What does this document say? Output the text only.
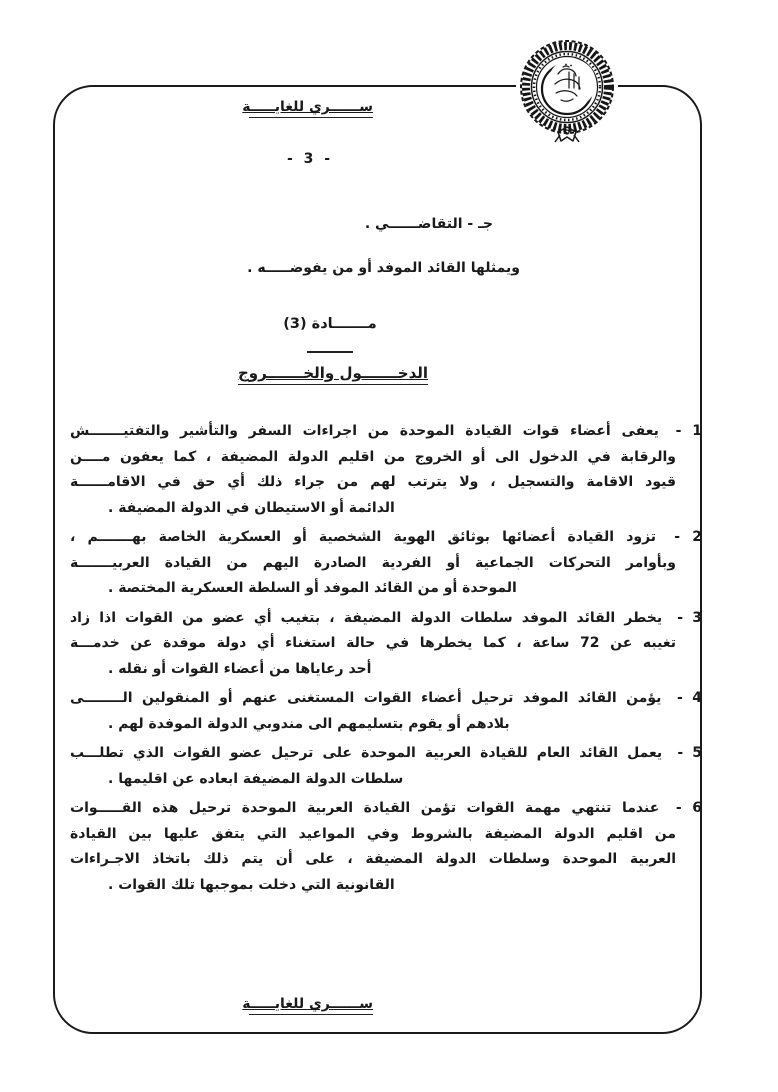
ســــــري للغايـــــة
- 3 -
جـ - التقاضــــــي .
ويمثلها القائد الموفد أو من يفوضـــــه .
مـــــــادة (3)
الدخـــــــول والخـــــــروج
1 - يعفى أعضاء قوات القيادة الموحدة من اجراءات السفر والتأشير والتفتيـــــــش
والرقابة في الدخول الى أو الخروج من اقليم الدولة المضيفة ، كما يعفون مــــن
قيود الاقامة والتسجيل ، ولا يترتب لهم من جراء ذلك أي حق في الاقامــــــة
الدائمة أو الاستيطان في الدولة المضيفة .
2 - تزود القيادة أعضائها بوثائق الهوية الشخصية أو العسكرية الخاصة بهـــــــم ،
وبأوامر التحركات الجماعية أو الفردية الصادرة اليهم من القيادة العربيـــــــة
الموحدة أو من القائد الموفد أو السلطة العسكرية المختصة .
3 - يخطر القائد الموفد سلطات الدولة المضيفة ، بتغيب أي عضو من القوات اذا زاد
تغيبه عن 72 ساعة ، كما يخطرها في حالة استغناء أي دولة موفدة عن خدمـــة
أحد رعاياها من أعضاء القوات أو نقله .
4 - يؤمن القائد الموفد ترحيل أعضاء القوات المستغنى عنهم أو المنقولين الــــــــى
بلادهم أو يقوم بتسليمهم الى مندوبي الدولة الموفدة لهم .
5 - يعمل القائد العام للقيادة العربية الموحدة على ترحيل عضو القوات الذي تطلـــب
سلطات الدولة المضيفة ابعاده عن اقليمها .
6 - عندما تنتهي مهمة القوات تؤمن القيادة العربية الموحدة ترحيل هذه القـــــوات
من اقليم الدولة المضيفة بالشروط وفي المواعيد التي يتفق عليها بين القيادة
العربية الموحدة وسلطات الدولة المضيفة ، على أن يتم ذلك باتخاذ الاجـراءات
القانونية التي دخلت بموجبها تلك القوات .
ســــــري للغايـــــة
